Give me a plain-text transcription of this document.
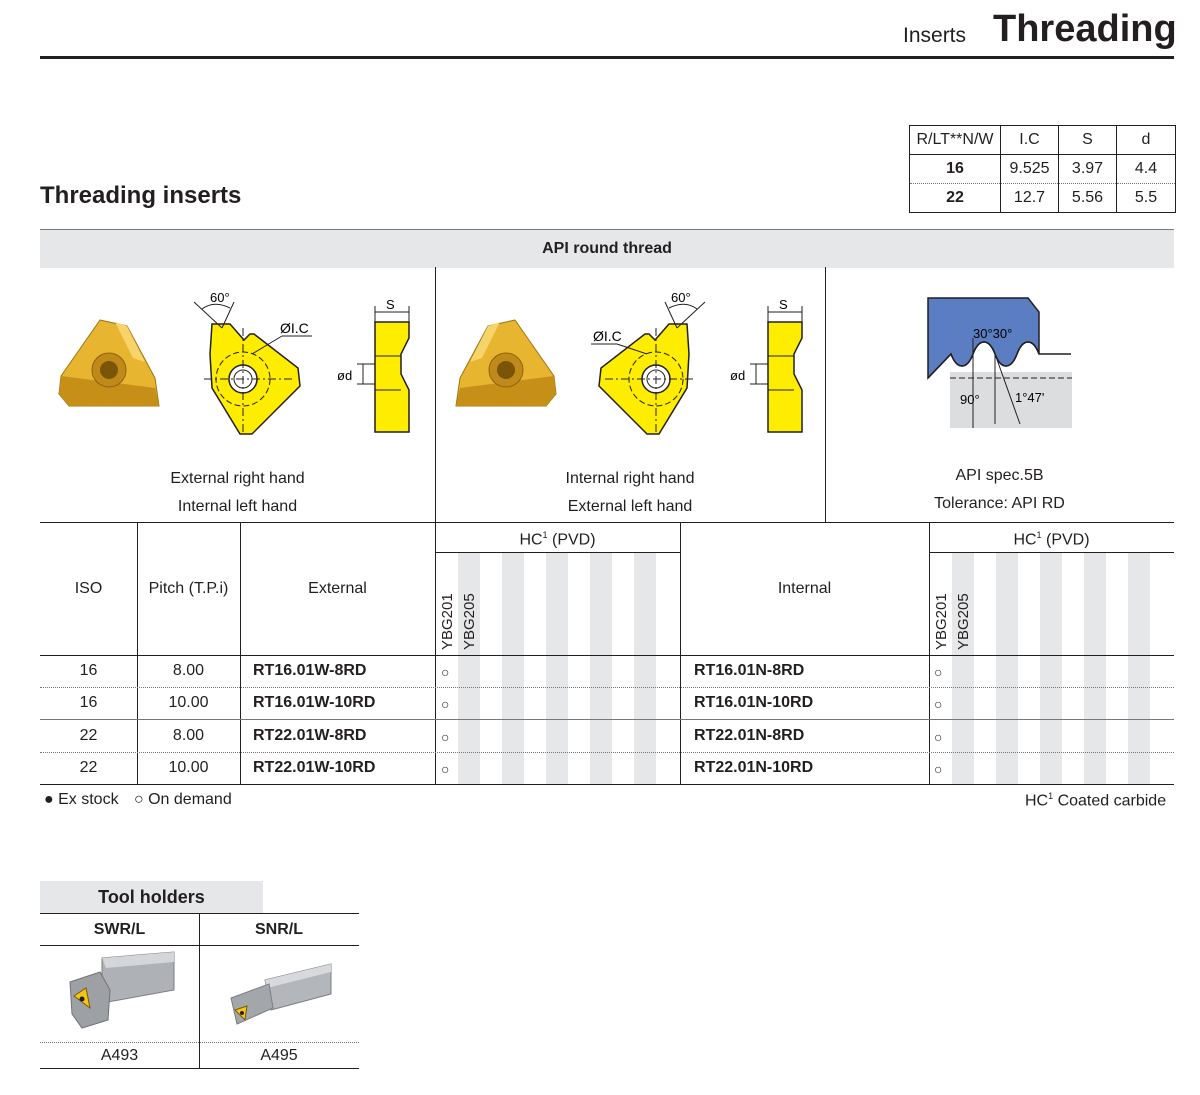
Inserts Threading
Threading inserts
R/LT**N/W	I.C	S	d
16	9.525	3.97	4.4
22	12.7	5.56	5.5
API round thread
60°
ØI.C
S
ød
External right hand
Internal left hand
60°
ØI.C
S
ød
Internal right hand
External left hand
30°30°
90°	1°47'
API spec.5B
Tolerance: API RD
ISO	Pitch (T.P.i)	External	Internal
$HC^1$ (PVD)	$HC^1$ (PVD)
YBG201 YBG205	YBG201 YBG205
16	8.00	RT16.01W-8RD	○	RT16.01N-8RD	○
16	10.00	RT16.01W-10RD	○	RT16.01N-10RD	○
22	8.00	RT22.01W-8RD	○	RT22.01N-8RD	○
22	10.00	RT22.01W-10RD	○	RT22.01N-10RD	○
● Ex stock ○ On demand	$HC^1$ Coated carbide
Tool holders
SWR/L	SNR/L
A493	A495
